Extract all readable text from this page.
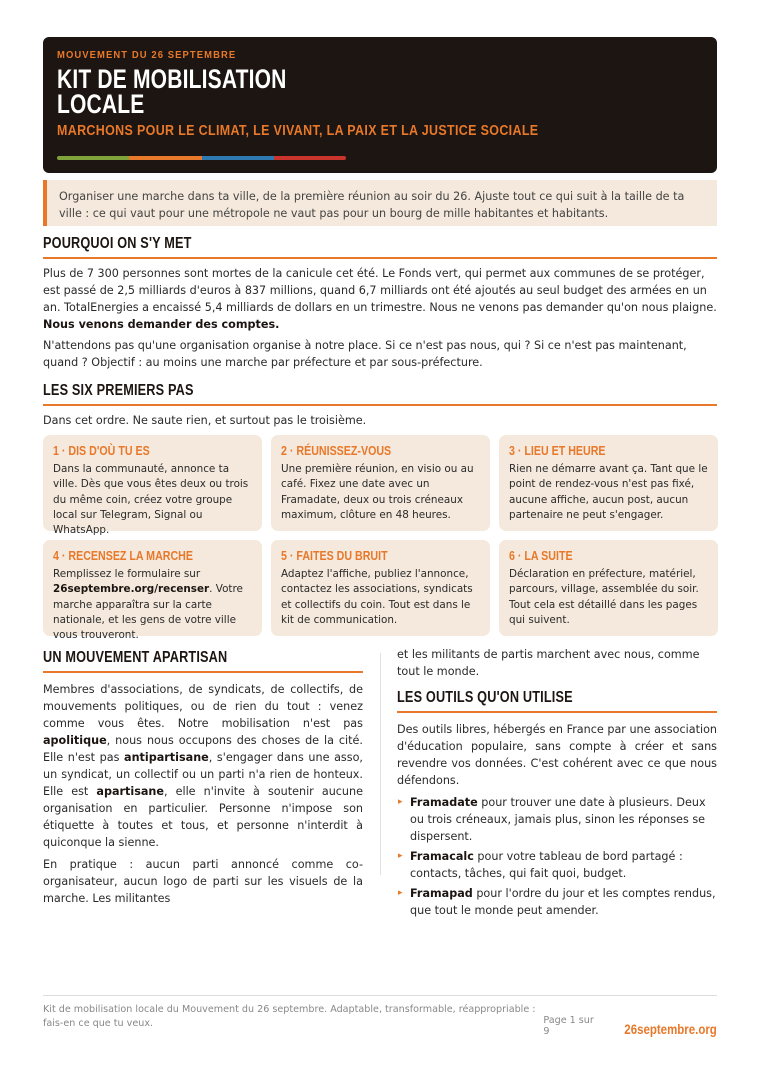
MOUVEMENT DU 26 SEPTEMBRE
KIT DE MOBILISATION
LOCALE
MARCHONS POUR LE CLIMAT, LE VIVANT, LA PAIX ET LA JUSTICE SOCIALE
Organiser une marche dans ta ville, de la première réunion au soir du 26. Ajuste tout ce qui suit à la taille de ta ville : ce qui vaut pour une métropole ne vaut pas pour un bourg de mille habitantes et habitants.
POURQUOI ON S'Y MET

Plus de 7 300 personnes sont mortes de la canicule cet été. Le Fonds vert, qui permet aux communes de se protéger, est passé de 2,5 milliards d'euros à 837 millions, quand 6,7 milliards ont été ajoutés au seul budget des armées en un an. TotalEnergies a encaissé 5,4 milliards de dollars en un trimestre. Nous ne venons pas demander qu'on nous plaigne. Nous venons demander des comptes.

N'attendons pas qu'une organisation organise à notre place. Si ce n'est pas nous, qui ? Si ce n'est pas maintenant, quand ? Objectif : au moins une marche par préfecture et par sous-préfecture.

LES SIX PREMIERS PAS

Dans cet ordre. Ne saute rien, et surtout pas le troisième.

1 · DIS D'OÙ TU ES
Dans la communauté, annonce ta ville. Dès que vous êtes deux ou trois du même coin, créez votre groupe local sur Telegram, Signal ou WhatsApp.
2 · RÉUNISSEZ-VOUS
Une première réunion, en visio ou au café. Fixez une date avec un Framadate, deux ou trois créneaux maximum, clôture en 48 heures.
3 · LIEU ET HEURE
Rien ne démarre avant ça. Tant que le point de rendez-vous n'est pas fixé, aucune affiche, aucun post, aucun partenaire ne peut s'engager.
4 · RECENSEZ LA MARCHE
Remplissez le formulaire sur 26septembre.org/recenser. Votre marche apparaîtra sur la carte nationale, et les gens de votre ville vous trouveront.
5 · FAITES DU BRUIT
Adaptez l'affiche, publiez l'annonce, contactez les associations, syndicats et collectifs du coin. Tout est dans le kit de communication.
6 · LA SUITE
Déclaration en préfecture, matériel, parcours, village, assemblée du soir. Tout cela est détaillé dans les pages qui suivent.
UN MOUVEMENT APARTISAN

Membres d'associations, de syndicats, de collectifs, de mouvements politiques, ou de rien du tout : venez comme vous êtes. Notre mobilisation n'est pas apolitique, nous nous occupons des choses de la cité. Elle n'est pas antipartisane, s'engager dans une asso, un syndicat, un collectif ou un parti n'a rien de honteux. Elle est apartisane, elle n'invite à soutenir aucune organisation en particulier. Personne n'impose son étiquette à toutes et tous, et personne n'interdit à quiconque la sienne.

En pratique : aucun parti annoncé comme co-organisateur, aucun logo de parti sur les visuels de la marche. Les militantes

et les militants de partis marchent avec nous, comme tout le monde.

LES OUTILS QU'ON UTILISE

Des outils libres, hébergés en France par une association d'éducation populaire, sans compte à créer et sans revendre vos données. C'est cohérent avec ce que nous défendons.

▸ Framadate pour trouver une date à plusieurs. Deux ou trois créneaux, jamais plus, sinon les réponses se dispersent.
▸ Framacalc pour votre tableau de bord partagé : contacts, tâches, qui fait quoi, budget.
▸ Framapad pour l'ordre du jour et les comptes rendus, que tout le monde peut amender.
Kit de mobilisation locale du Mouvement du 26 septembre. Adaptable, transformable, réappropriable : fais-en ce que tu veux.	Page 1 sur 9	26septembre.org
